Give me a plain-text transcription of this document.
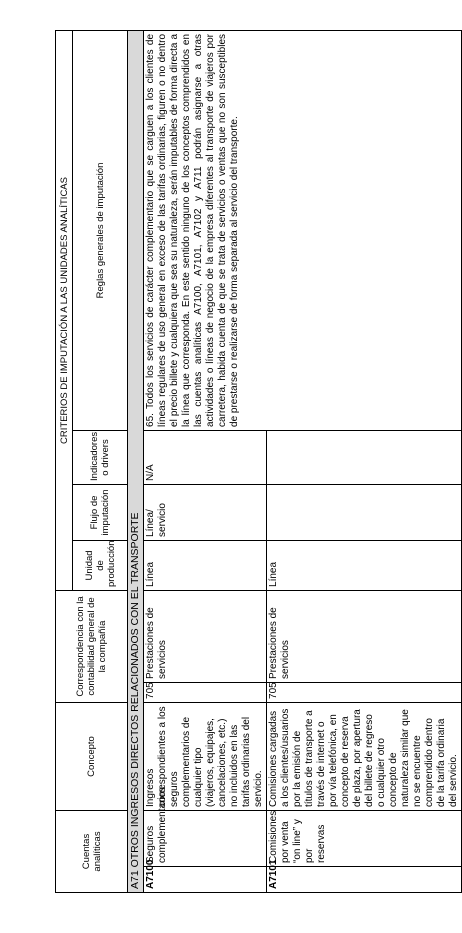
Cuentas analíticas		Concepto	Correspondencia con la contabilidad general de la compañía		CRITERIOS DE IMPUTACIÓN A LAS UNIDADES ANALÍTICAS			
					Unidad de producción	Flujo de imputación	Indicadores o drivers	Reglas generales de imputación
A71 OTROS INGRESOS DIRECTOS RELACIONADOS CON EL TRANSPORTE								
A7100	Seguros complementarios	Ingresos correspondientes a los seguros complementarios de cualquier tipo (viajeros, equipajes, cancelaciones, etc.) no incluidos en las tarifas ordinarias del servicio.	705	Prestaciones de servicios	Línea	Línea/ servicio	N/A	65. Todos los servicios de carácter complementario que se carguen a los clientes de líneas regulares de uso general en exceso de las tarifas ordinarias, figuren o no dentro el precio billete y cualquiera que sea su naturaleza, serán imputables de forma directa a la línea que corresponda. En este sentido ninguno de los conceptos comprendidos en las cuentas analíticas A7100, A7101, A7102 y A711 podrán asignarse a otras actividades o líneas de negocio de la empresa diferentes al transporte de viajeros por carretera, habida cuenta de que se trata de servicios o ventas que no son susceptibles de prestarse o realizarse de forma separada al servicio del transporte.
A7101	Comisiones por venta “on line” y por reservas	Comisiones cargadas a los clientes/usuarios por la emisión de títulos de transporte a través de internet o por vía telefónica, en concepto de reserva de plaza, por apertura del billete de regreso o cualquier otro concepto de naturaleza similar que no se encuentre comprendido dentro de la tarifa ordinaria del servicio.	705	Prestaciones de servicios	Línea			
